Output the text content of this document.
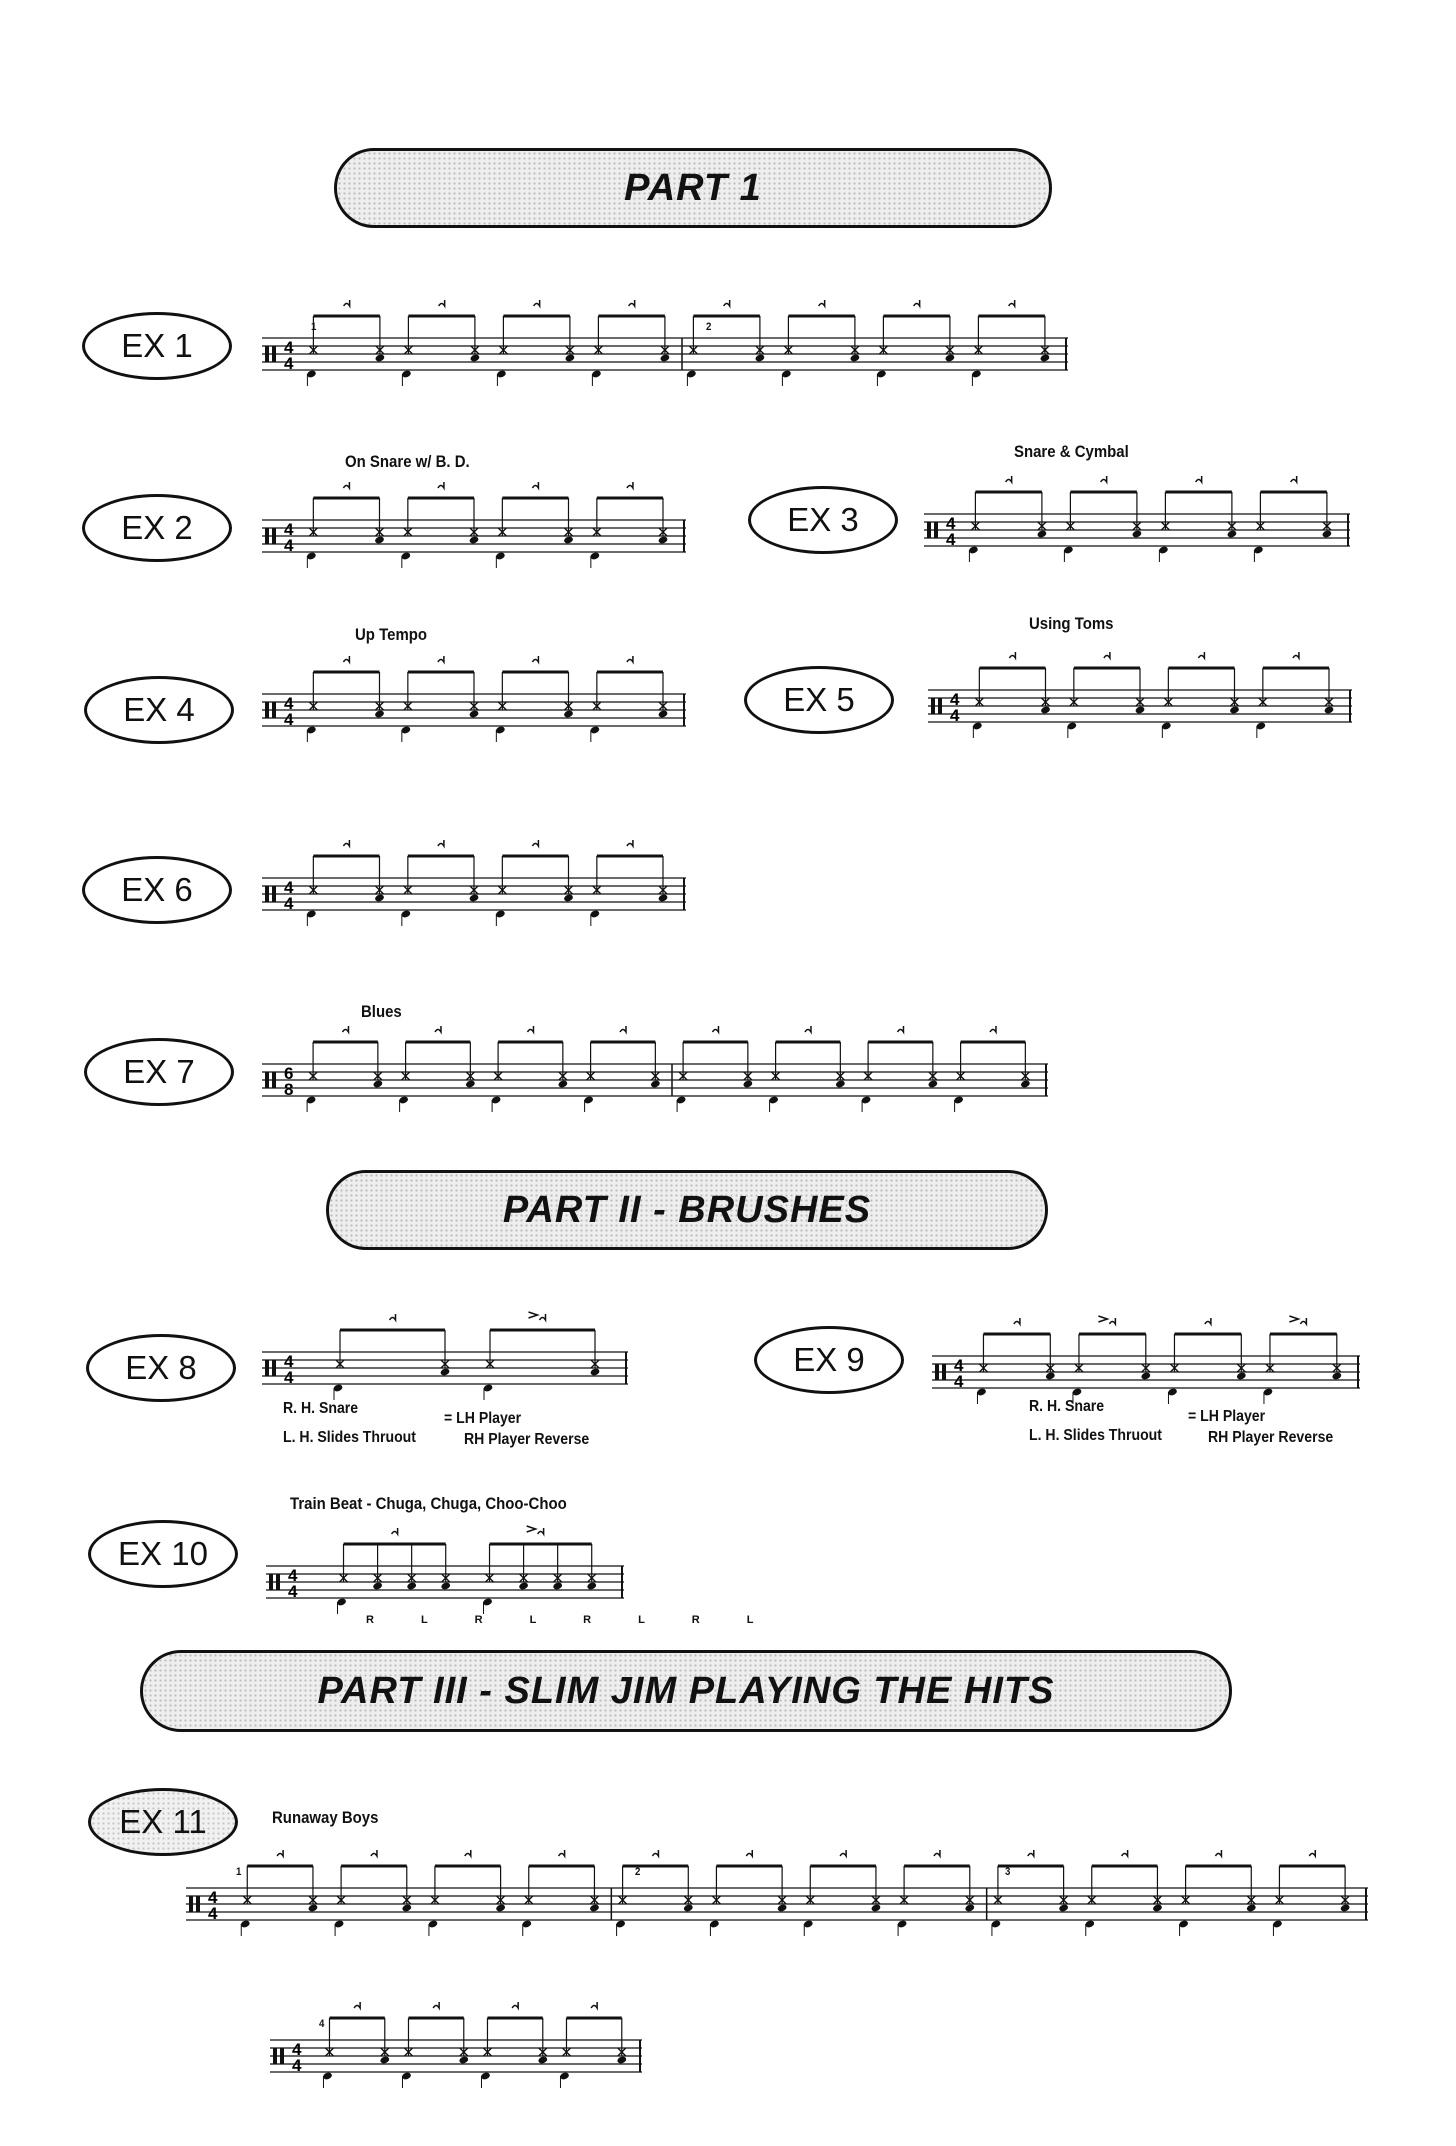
PART 1
EX 1	4
4
1	2
EX 2
On Snare w/ B. D.
4
4
EX 3
Snare & Cymbal
4
4
EX 4
Up Tempo
4
4
EX 5
Using Toms
4
4
EX 6	4
4
EX 7
Blues
6
8
PART II - BRUSHES
EX 8	4
4
R. H. Snare
L. H. Slides Thruout
= LH Player
RH Player Reverse
EX 9	4
4
R. H. Snare
L. H. Slides Thruout
= LH Player
RH Player Reverse
EX 10
Train Beat - Chuga, Chuga, Choo-Choo
4
4
R L R L R L R L
PART III - SLIM JIM PLAYING THE HITS
EX 11	Runaway Boys
4
4
1	2	3
4
4
4
